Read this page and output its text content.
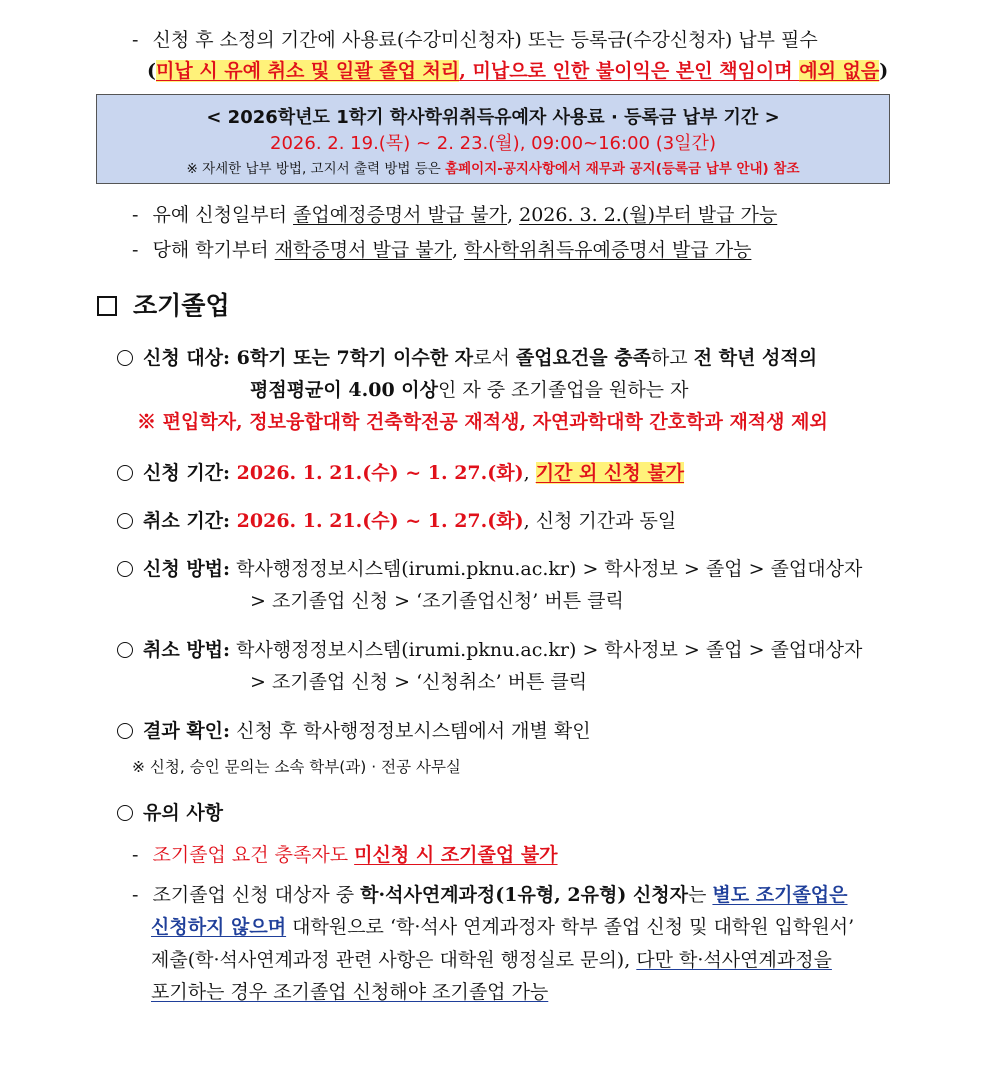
- 신청 후 소정의 기간에 사용료(수강미신청자) 또는 등록금(수강신청자) 납부 필수
(미납 시 유예 취소 및 일괄 졸업 처리, 미납으로 인한 불이익은 본인 책임이며 예외 없음)
< 2026학년도 1학기 학사학위취득유예자 사용료 · 등록금 납부 기간 >
2026. 2. 19.(목) ~ 2. 23.(월), 09:00~16:00 (3일간)
※ 자세한 납부 방법, 고지서 출력 방법 등은 홈페이지-공지사항에서 재무과 공지(등록금 납부 안내) 참조
- 유예 신청일부터 졸업예정증명서 발급 불가, 2026. 3. 2.(월)부터 발급 가능
- 당해 학기부터 재학증명서 발급 불가, 학사학위취득유예증명서 발급 가능
조기졸업
신청 대상: 6학기 또는 7학기 이수한 자로서 졸업요건을 충족하고 전 학년 성적의
평점평균이 4.00 이상인 자 중 조기졸업을 원하는 자
※ 편입학자, 정보융합대학 건축학전공 재적생, 자연과학대학 간호학과 재적생 제외
신청 기간: 2026. 1. 21.(수) ~ 1. 27.(화), 기간 외 신청 불가
취소 기간: 2026. 1. 21.(수) ~ 1. 27.(화), 신청 기간과 동일
신청 방법: 학사행정정보시스템(irumi.pknu.ac.kr) > 학사정보 > 졸업 > 졸업대상자
> 조기졸업 신청 > ‘조기졸업신청’ 버튼 클릭
취소 방법: 학사행정정보시스템(irumi.pknu.ac.kr) > 학사정보 > 졸업 > 졸업대상자
> 조기졸업 신청 > ‘신청취소’ 버튼 클릭
결과 확인: 신청 후 학사행정정보시스템에서 개별 확인
※ 신청, 승인 문의는 소속 학부(과) · 전공 사무실
유의 사항
- 조기졸업 요건 충족자도 미신청 시 조기졸업 불가
- 조기졸업 신청 대상자 중 학·석사연계과정(1유형, 2유형) 신청자는 별도 조기졸업은
신청하지 않으며 대학원으로 ‘학·석사 연계과정자 학부 졸업 신청 및 대학원 입학원서’
제출(학·석사연계과정 관련 사항은 대학원 행정실로 문의), 다만 학·석사연계과정을
포기하는 경우 조기졸업 신청해야 조기졸업 가능
